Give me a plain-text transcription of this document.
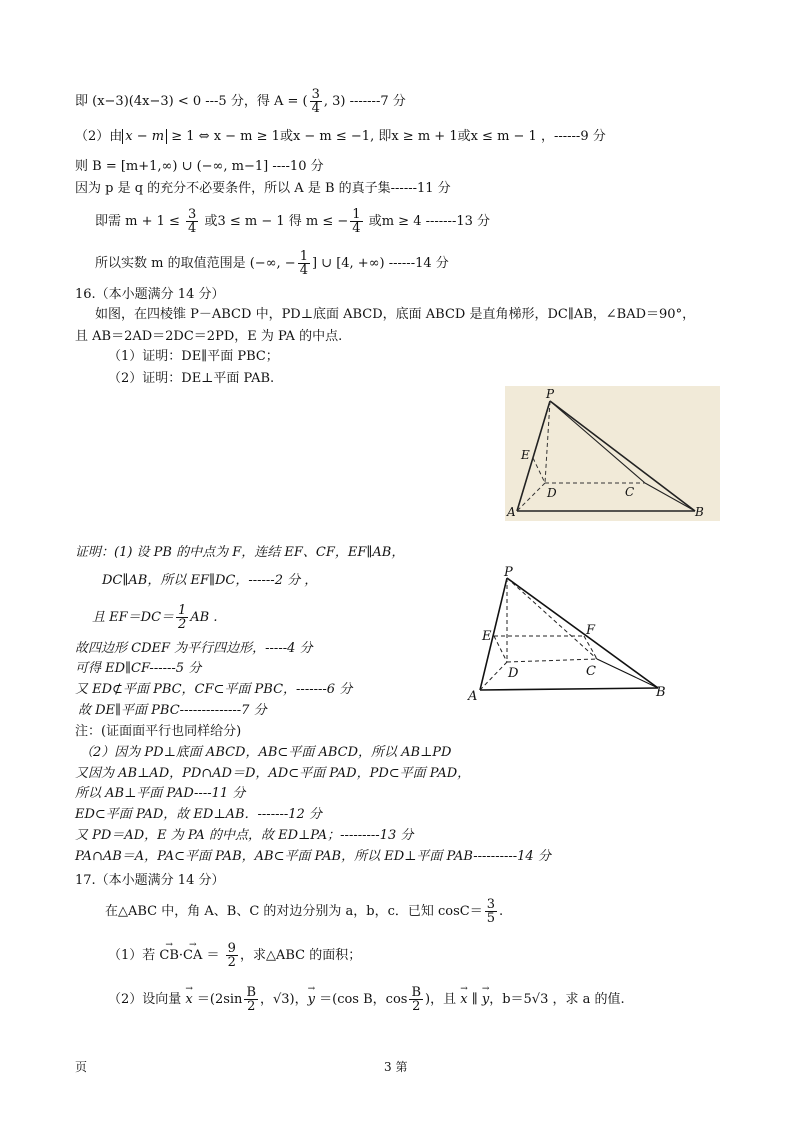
即 (x−3)(4x−3) < 0 ---5 分，得 A = ( $\frac{3}{4}$ , 3) -------7 分
（2）由 x − m ≥ 1 ⇔ x − m ≥ 1或x − m ≤ −1, 即x ≥ m + 1或x ≤ m − 1 ，------9 分
则 B = [m+1,∞) ∪ (−∞, m−1] ----10 分
因为 p 是 q 的充分不必要条件，所以 A 是 B 的真子集------11 分
即需 $m + 1 \le \frac{3}{4}$ 或3 ≤ m − 1 得 m ≤ − $\frac{1}{4}$ 或m ≥ 4 -------13 分
所以实数 m 的取值范围是 (−∞, − $\frac{1}{4}$ ] ∪ [4, +∞) ------14 分
16.（本小题满分 14 分）
如图，在四棱锥 P－ABCD 中，PD⊥底面 ABCD，底面 ABCD 是直角梯形，DC∥AB，∠BAD＝90°，
且 AB＝2AD＝2DC＝2PD，E 为 PA 的中点.
（1）证明：DE∥平面 PBC；
（2）证明：DE⊥平面 PAB.
P
E
D	C
A	B
证明：(1) 设 PB 的中点为 F，连结 EF、CF，EF∥AB，
DC∥AB，所以 EF∥DC，------2 分 ，
且 $EF=DC= \frac{1}{2}$ AB .
故四边形 CDEF 为平行四边形，-----4 分
可得 ED∥CF------5 分
又 ED⊄平面 PBC，CF⊂平面 PBC，-------6 分
故 DE∥平面 PBC--------------7 分
注：(证面面平行也同样给分)
（2）因为 PD⊥底面 ABCD，AB⊂平面 ABCD，所以 AB⊥PD
又因为 AB⊥AD，PD∩AD＝D，AD⊂平面 PAD，PD⊂平面 PAD，
所以 AB⊥平面 PAD----11 分
ED⊂平面 PAD，故 ED⊥AB．-------12 分
又 PD＝AD，E 为 PA 的中点，故 ED⊥PA；---------13 分
PA∩AB＝A，PA⊂平面 PAB，AB⊂平面 PAB，所以 ED⊥平面 PAB----------14 分
P
E	F
D	C
A	B
17.（本小题满分 14 分）
在△ABC 中，角 A、B、C 的对边分别为 a，b，c．已知 $\cos C= \frac{3}{5}$ .
（1）若 → CB·→ CA ＝ $\frac{9}{2}$ ，求△ABC 的面积；
（2）设向量 → $x =(2\sin \frac{B}{2}$ ，√3)，→ y ＝(cos B，$\cos \frac{B}{2}$ )，且 → x ∥ → y，b＝5√3 ，求 a 的值.
页	3 第
